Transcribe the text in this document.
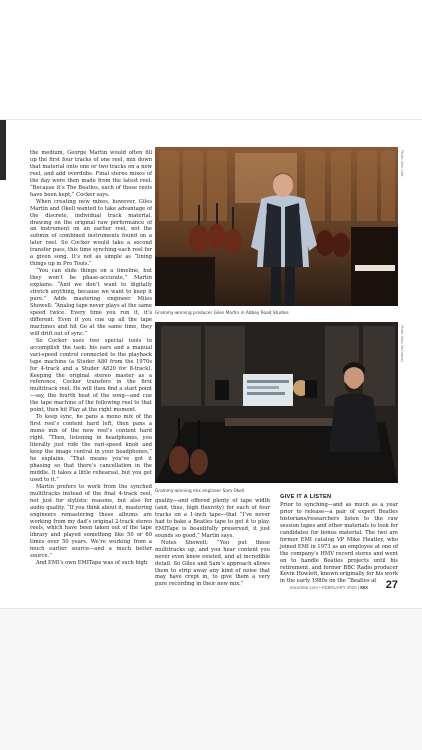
the medium, George Martin would often fill up the first four tracks of one reel, mix down that material onto one or two tracks on a new reel, and add overdubs. Final stereo mixes of the day were then made from the latest reel. “Because it’s The Beatles, each of those reels have been kept,” Cocker says.

When creating new mixes, however, Giles Martin and Okell wanted to take advantage of the discrete, individual track material, drawing on the original raw performance of an instrument on an earlier reel, not the submix of combined instruments found on a later reel. So Cocker would take a second transfer pass, this time synching each reel for a given song. It’s not as simple as “lining things up in Pro Tools.”

“You can slide things on a timeline, but they won’t be phase-accurate,” Martin explains. “And we don’t want to digitally stretch anything, because we want to keep it pure.” Adds mastering engineer Miles Showell: “Analog tape never plays at the same speed twice. Every time you run it, it’s different. Even if you cue up all the tape machines and hit Go at the same time, they will drift out of sync.”

So Cocker uses two special tools to accomplish the task: his ears and a manual vari-speed control connected to the playback tape machine (a Studer A80 from the 1970s for 4-track and a Studer A820 for 8-track). Keeping the original stereo master as a reference, Cocker transfers in the first multitrack reel. He will then find a start point—say, the fourth beat of the song—and cue the tape machine of the following reel to that point, then hit Play at the right moment.

To keep sync, he pans a mono mix of the first reel’s content hard left, then pans a mono mix of the new reel’s content hard right. “Then, listening in headphones, you literally just ride the vari-speed knob and keep the image central in your headphones,” he explains. “That means you’ve got it phasing so that there’s cancellation in the middle. It takes a little rehearsal, but you get used to it.”

Martin prefers to work from the synched multitracks instead of the final 4-track reel, not just for stylistic reasons, but also for audio quality. “If you think about it, mastering engineers remastering these albums are working from my dad’s original 2-track stereo reels, which have been taken out of the tape library and played something like 50 or 60 times over 50 years. We’re working from a much earlier source—and a much better source.”

And EMI’s own EMITape was of such high

Photo: Alex Lake
Grammy-winning producer Giles Martin in Abbey Road Studios
Photo: Mary McCartney
Grammy-winning mix engineer Sam Okell

quality—and offered plenty of tape width (and, thus, high fluxivity) for each of four tracks on a 1-inch tape—that “I’ve never had to bake a Beatles tape to get it to play. EMITape is beautifully preserved, it just sounds so good,” Martin says.

Notes Showell: “You put those multitracks up, and you hear content you never even knew existed, and at incredible detail. So Giles and Sam’s approach allows them to strip away any kind of noise that may have crept in, to give them a very pure recording in their new mix.”

GIVE IT A LISTEN

Prior to synching—and as much as a year prior to release—a pair of expert Beatles historians/researchers listen to the raw session tapes and other materials to look for candidates for bonus material. The two are former EMI catalog VP Mike Heatley, who joined EMI in 1973 as an employee at one of the company’s HMV record stores and went on to handle Beatles projects until his retirement, and former BBC Radio producer Kevin Howlett, known originally for his work in the early 1980s on the “Beatles at

mixonline.com • FEBRUARY 2020 | MIX 27
